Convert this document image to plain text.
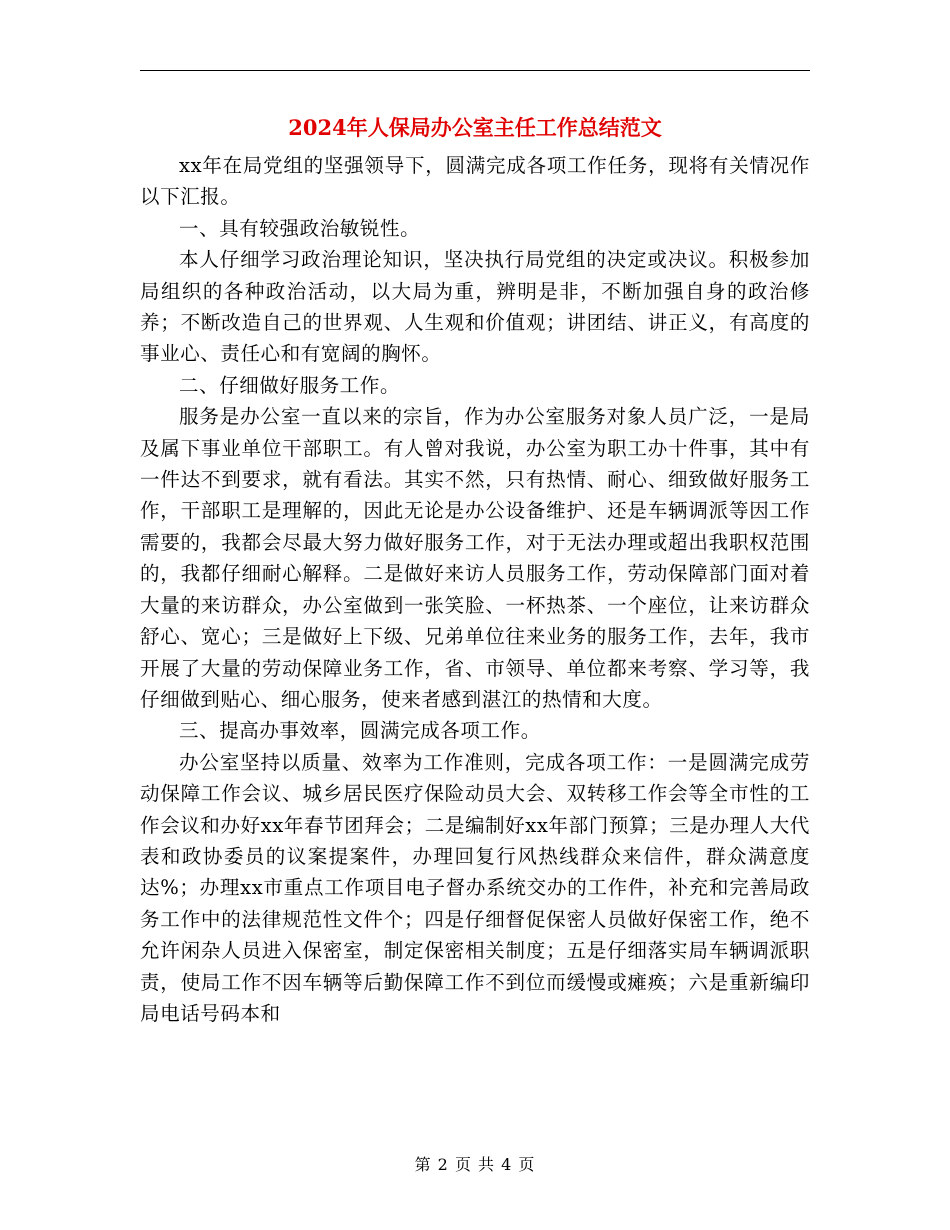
2024年人保局办公室主任工作总结范文

xx年在局党组的坚强领导下，圆满完成各项工作任务，现将有关情况作以下汇报。

一、具有较强政治敏锐性。

本人仔细学习政治理论知识，坚决执行局党组的决定或决议。积极参加局组织的各种政治活动，以大局为重，辨明是非，不断加强自身的政治修养；不断改造自己的世界观、人生观和价值观；讲团结、讲正义，有高度的事业心、责任心和有宽阔的胸怀。

二、仔细做好服务工作。

服务是办公室一直以来的宗旨，作为办公室服务对象人员广泛，一是局及属下事业单位干部职工。有人曾对我说，办公室为职工办十件事，其中有一件达不到要求，就有看法。其实不然，只有热情、耐心、细致做好服务工作，干部职工是理解的，因此无论是办公设备维护、还是车辆调派等因工作需要的，我都会尽最大努力做好服务工作，对于无法办理或超出我职权范围的，我都仔细耐心解释。二是做好来访人员服务工作，劳动保障部门面对着大量的来访群众，办公室做到一张笑脸、一杯热茶、一个座位，让来访群众舒心、宽心；三是做好上下级、兄弟单位往来业务的服务工作，去年，我市开展了大量的劳动保障业务工作，省、市领导、单位都来考察、学习等，我仔细做到贴心、细心服务，使来者感到湛江的热情和大度。

三、提高办事效率，圆满完成各项工作。

办公室坚持以质量、效率为工作准则，完成各项工作：一是圆满完成劳动保障工作会议、城乡居民医疗保险动员大会、双转移工作会等全市性的工作会议和办好xx年春节团拜会；二是编制好xx年部门预算；三是办理人大代表和政协委员的议案提案件，办理回复行风热线群众来信件，群众满意度达%；办理xx市重点工作项目电子督办系统交办的工作件，补充和完善局政务工作中的法律规范性文件个；四是仔细督促保密人员做好保密工作，绝不允许闲杂人员进入保密室，制定保密相关制度；五是仔细落实局车辆调派职责，使局工作不因车辆等后勤保障工作不到位而缓慢或瘫痪；六是重新编印局电话号码本和

第 2 页 共 4 页
